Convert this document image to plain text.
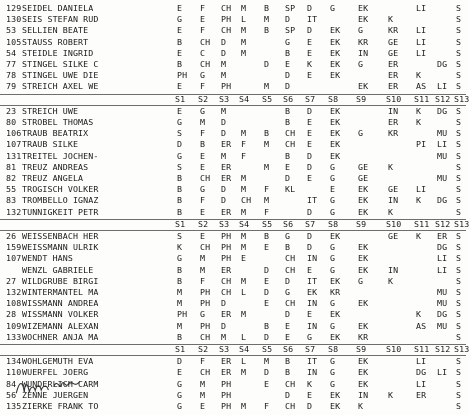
129 SEIDEL DANIELA	E F CH M B SP D G	EK	LI	S
130 SEIS STEFAN RUD	G E PH L M D IT	EK K	S
53 SELLIEN BEATE	E F CH M B SP D EK G	KR LI	S
105 STAUSS ROBERT	B CH D M	G E EK KR GE LI	S
54 STEIDLE INGRID	E C D M	B E EK IN GE LI	S
77 STINGEL SILKE C	B CH M	D E K EK G	ER	DG S
78 STINGEL UWE DIE	PH G M	D E EK	ER K	S
79 STREICH AXEL WE	E F PH	M D	EK ER AS LI S
S1 S2 S3 S4 S5 S6 S7 S8 S9 S10 S11 S12 S13
23 STREICH UWE	E G M	B D EK	IN K DG S
80 STROBEL THOMAS	G M D	B E EK	ER K	S
106 TRAUB BEATRIX	S F D M B CH E EK G	KR	MU S
107 TRAUB SILKE	D B ER F M CH E EK	PI LI S
131 TREITEL JOCHEN-	G E M F	B D EK	MU S
81 TREUZ ANDREAS	S E ER	M E D G	GE K	S
82 TREUZ ANGELA	B CH ER M	D E G	GE	MU S
55 TROGISCH VOLKER	B G D M F KL	E	EK GE LI	S
83 TROMBELLO IGNAZ	B F D CH M	IT G	EK IN K DG S
132 TUNNIGKEIT PETR	B E ER M F	D G	EK K	S
S1 S2 S3 S4 S5 S6 S7 S8 S9 S10 S11 S12 S13
26 WEISSENBACH HER	S E PH M B G D EK	GE K ER S
159 WEISSMANN ULRIK	K CH PH M E B D G	EK	DG S
107 WENDT HANS	G M PH E	CH IN G	EK	LI S
WENZL GABRIELE	B M ER	D CH E G	EK IN	LI S
27 WILDGRUBE BIRGI	B F CH M E D IT EK G	K	S
132 WINTERMANTEL MA	M PH CH L D G EK KR	MU S
108 WISSMANN ANDREA	M PH D	E CH IN G	EK	MU S
28 WISSMANN VOLKER	PH G ER M	D E EK	K DG S
109 WIZEMANN ALEXAN	M PH D	B E IN G	EK	AS MU S
133 WOCHNER ANJA MA	B CH M L D E G EK KR	S
S1 S2 S3 S4 S5 S6 S7 S8 S9 S10 S11 S12 S13
134 WOHLGEMUTH EVA	D F ER L M B IT G	EK	LI	S
110 WUERFEL JOERG	E CH ER M D B IN G	EK	DG LI S
84 WUNDERLICH CARM	G M PH	E CH K G	EK	LI	S
56 ZENNE JUERGEN	G M PH	D E EK IN K	ER	S
135 ZIERKE FRANK TO	G E PH M F CH D EK K	S
